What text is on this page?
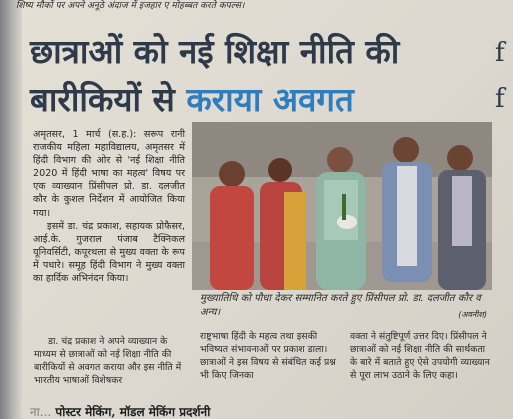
शिष्य मौकों पर अपने अनूठे अंदाज में इजहार ए मोहब्बत करते कपल्स।
छात्राओं को नई शिक्षा नीति की
बारीकियों से कराया अवगत
f
f

अमृतसर, 1 मार्च (स.ह.): सरूप रानी राजकीय महिला महाविद्यालय, अमृतसर में हिंदी विभाग की ओर से 'नई शिक्षा नीति 2020 में हिंदी भाषा का महत्व' विषय पर एक व्याख्यान प्रिंसीपल प्रो. डा. दलजीत कौर के कुशल निर्देशन में आयोजित किया गया।

इसमें डा. चंद्र प्रकाश, सहायक प्रोफैसर, आई.के. गुजराल पंजाब टैक्निकल यूनिवर्सिटी, कपूरथला से मुख्य वक्ता के रूप में पधारे। समूह हिंदी विभाग ने मुख्य वक्ता का हार्दिक अभिनंदन किया।

मुख्यातिथि को पौधा देकर सम्मानित करते हुए प्रिंसीपल प्रो. डा. दलजीत कौर व अन्य।	(अवनीश)

डा. चंद्र प्रकाश ने अपने व्याख्यान के माध्यम से छात्राओं को नई शिक्षा नीति की बारीकियों से अवगत कराया और इस नीति में भारतीय भाषाओं विशेषकर

राष्ट्रभाषा हिंदी के महत्व तथा इसकी भविष्यत संभावनाओं पर प्रकाश डाला। छात्राओं ने इस विषय से संबंधित कई प्रश्न भी किए जिनका

वक्ता ने संतुष्टिपूर्ण उत्तर दिए। प्रिंसीपल ने छात्राओं को नई शिक्षा नीति की सार्थकता के बारे में बताते हुए ऐसे उपयोगी व्याख्यान से पूरा लाभ उठाने के लिए कहा।

ना... पोस्टर मेकिंग, मॉडल मेकिंग प्रदर्शनी
